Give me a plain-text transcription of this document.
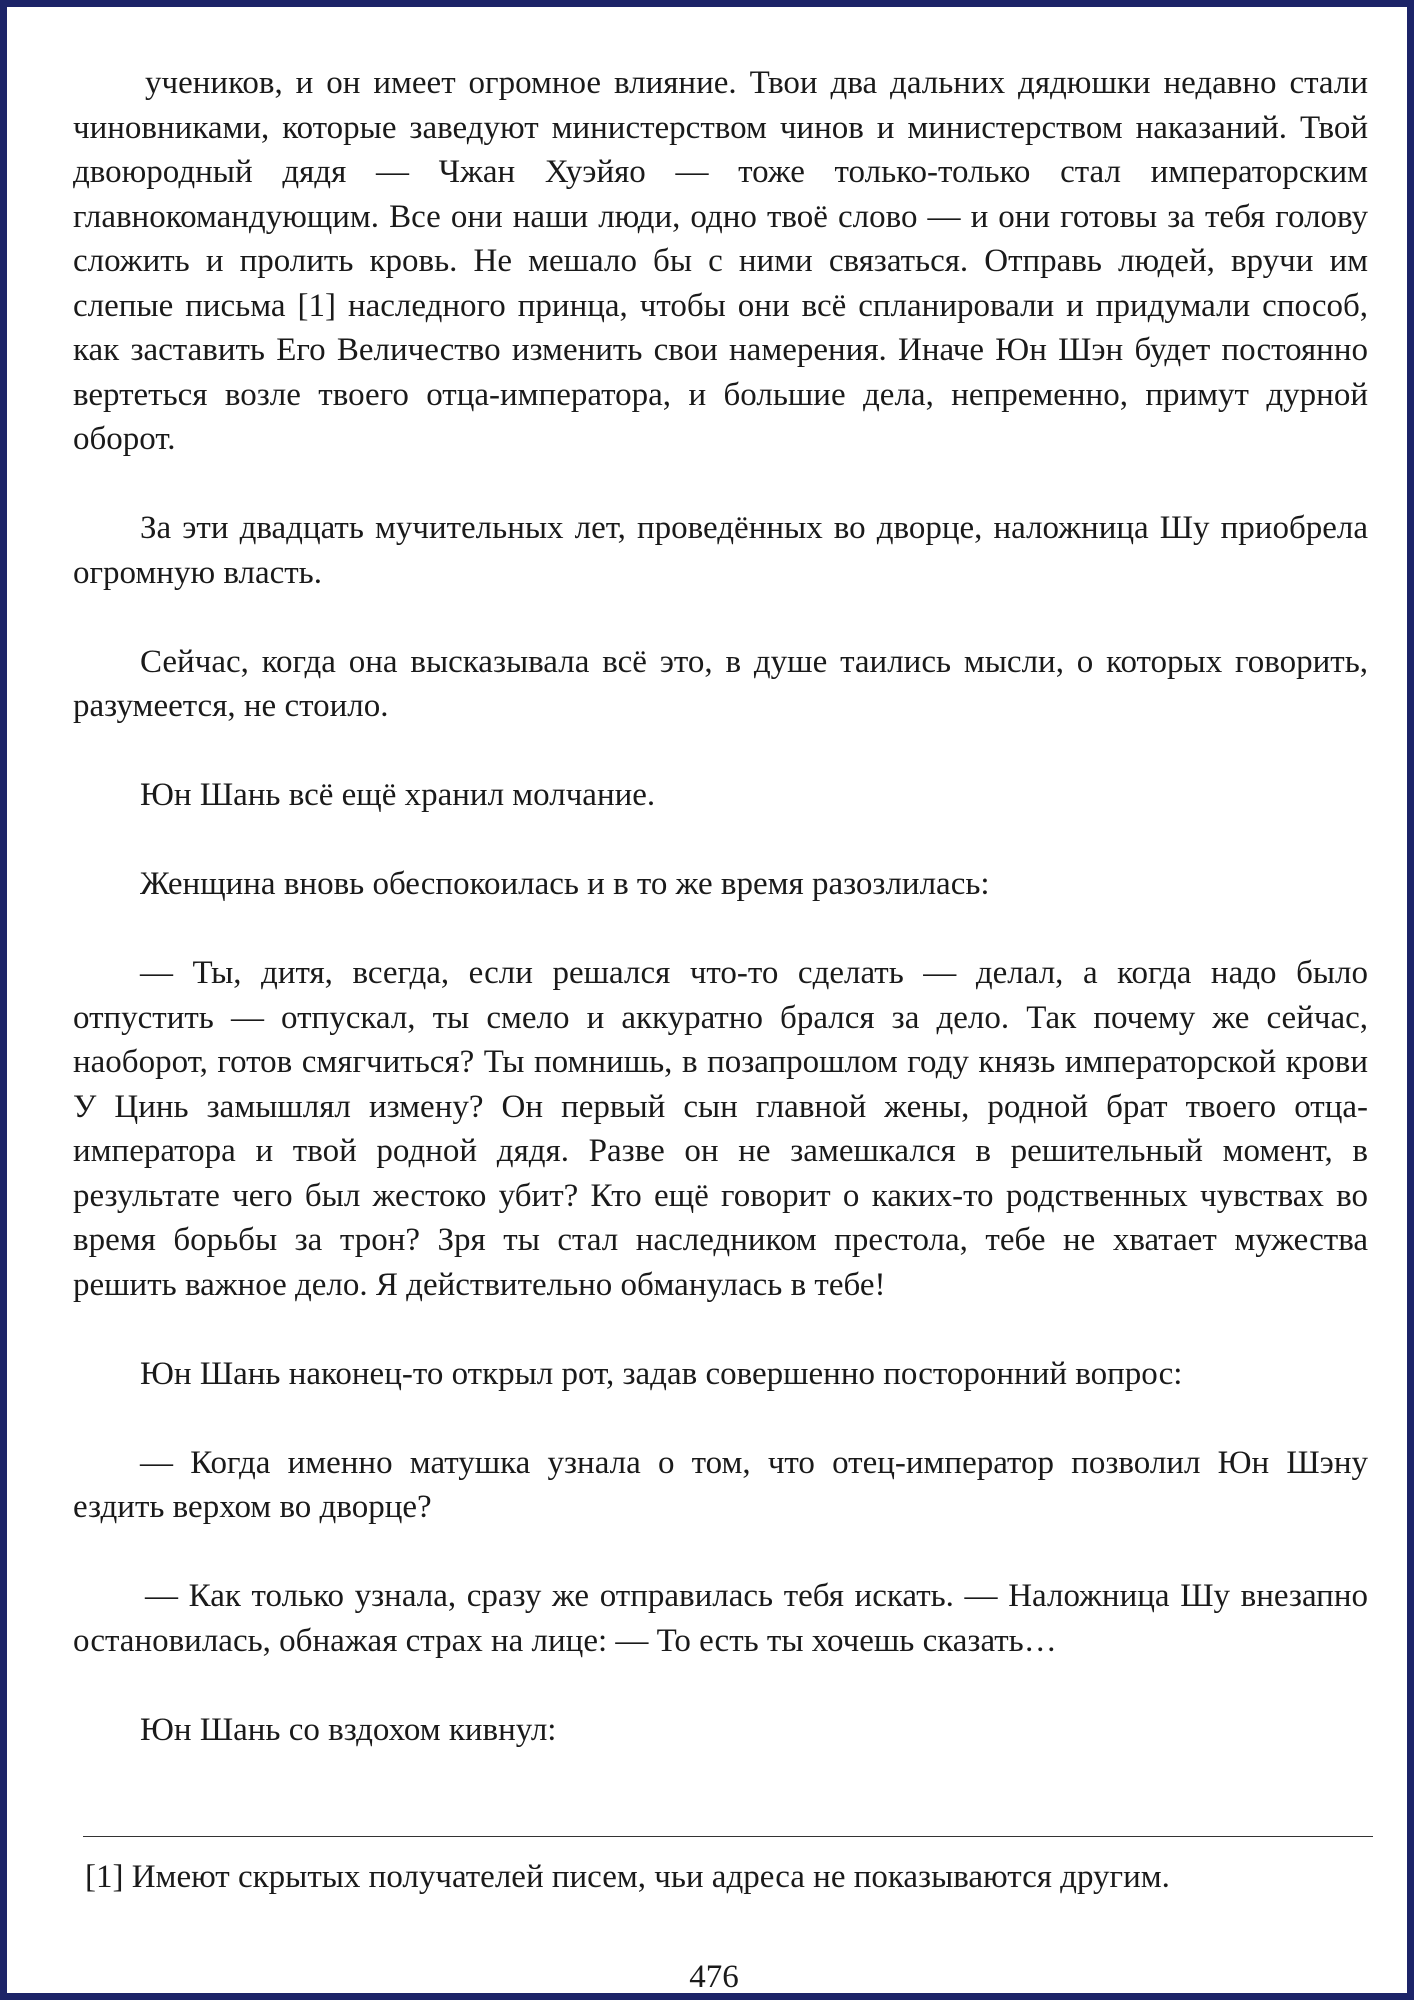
учеников, и он имеет огромное влияние. Твои два дальних дядюшки недавно стали чиновниками, которые заведуют министерством чинов и министерством наказаний. Твой двоюродный дядя — Чжан Хуэйяо — тоже только-только стал императорским главнокомандующим. Все они наши люди, одно твоё слово — и они готовы за тебя голову сложить и пролить кровь. Не мешало бы с ними связаться. Отправь людей, вручи им слепые письма [1] наследного принца, чтобы они всё спланировали и придумали способ, как заставить Его Величество изменить свои намерения. Иначе Юн Шэн будет постоянно вертеться возле твоего отца-императора, и большие дела, непременно, примут дурной оборот.

За эти двадцать мучительных лет, проведённых во дворце, наложница Шу приобрела огромную власть.

Сейчас, когда она высказывала всё это, в душе таились мысли, о которых говорить, разумеется, не стоило.

Юн Шань всё ещё хранил молчание.

Женщина вновь обеспокоилась и в то же время разозлилась:

— Ты, дитя, всегда, если решался что-то сделать — делал, а когда надо было отпустить — отпускал, ты смело и аккуратно брался за дело. Так почему же сейчас, наоборот, готов смягчиться? Ты помнишь, в позапрошлом году князь императорской крови У Цинь замышлял измену? Он первый сын главной жены, родной брат твоего отца-императора и твой родной дядя. Разве он не замешкался в решительный момент, в результате чего был жестоко убит? Кто ещё говорит о каких-то родственных чувствах во время борьбы за трон? Зря ты стал наследником престола, тебе не хватает мужества решить важное дело. Я действительно обманулась в тебе!

Юн Шань наконец-то открыл рот, задав совершенно посторонний вопрос:

— Когда именно матушка узнала о том, что отец-император позволил Юн Шэну ездить верхом во дворце?

— Как только узнала, сразу же отправилась тебя искать. — Наложница Шу внезапно остановилась, обнажая страх на лице: — То есть ты хочешь сказать…

Юн Шань со вздохом кивнул:

[1] Имеют скрытых получателей писем, чьи адреса не показываются другим.

476
